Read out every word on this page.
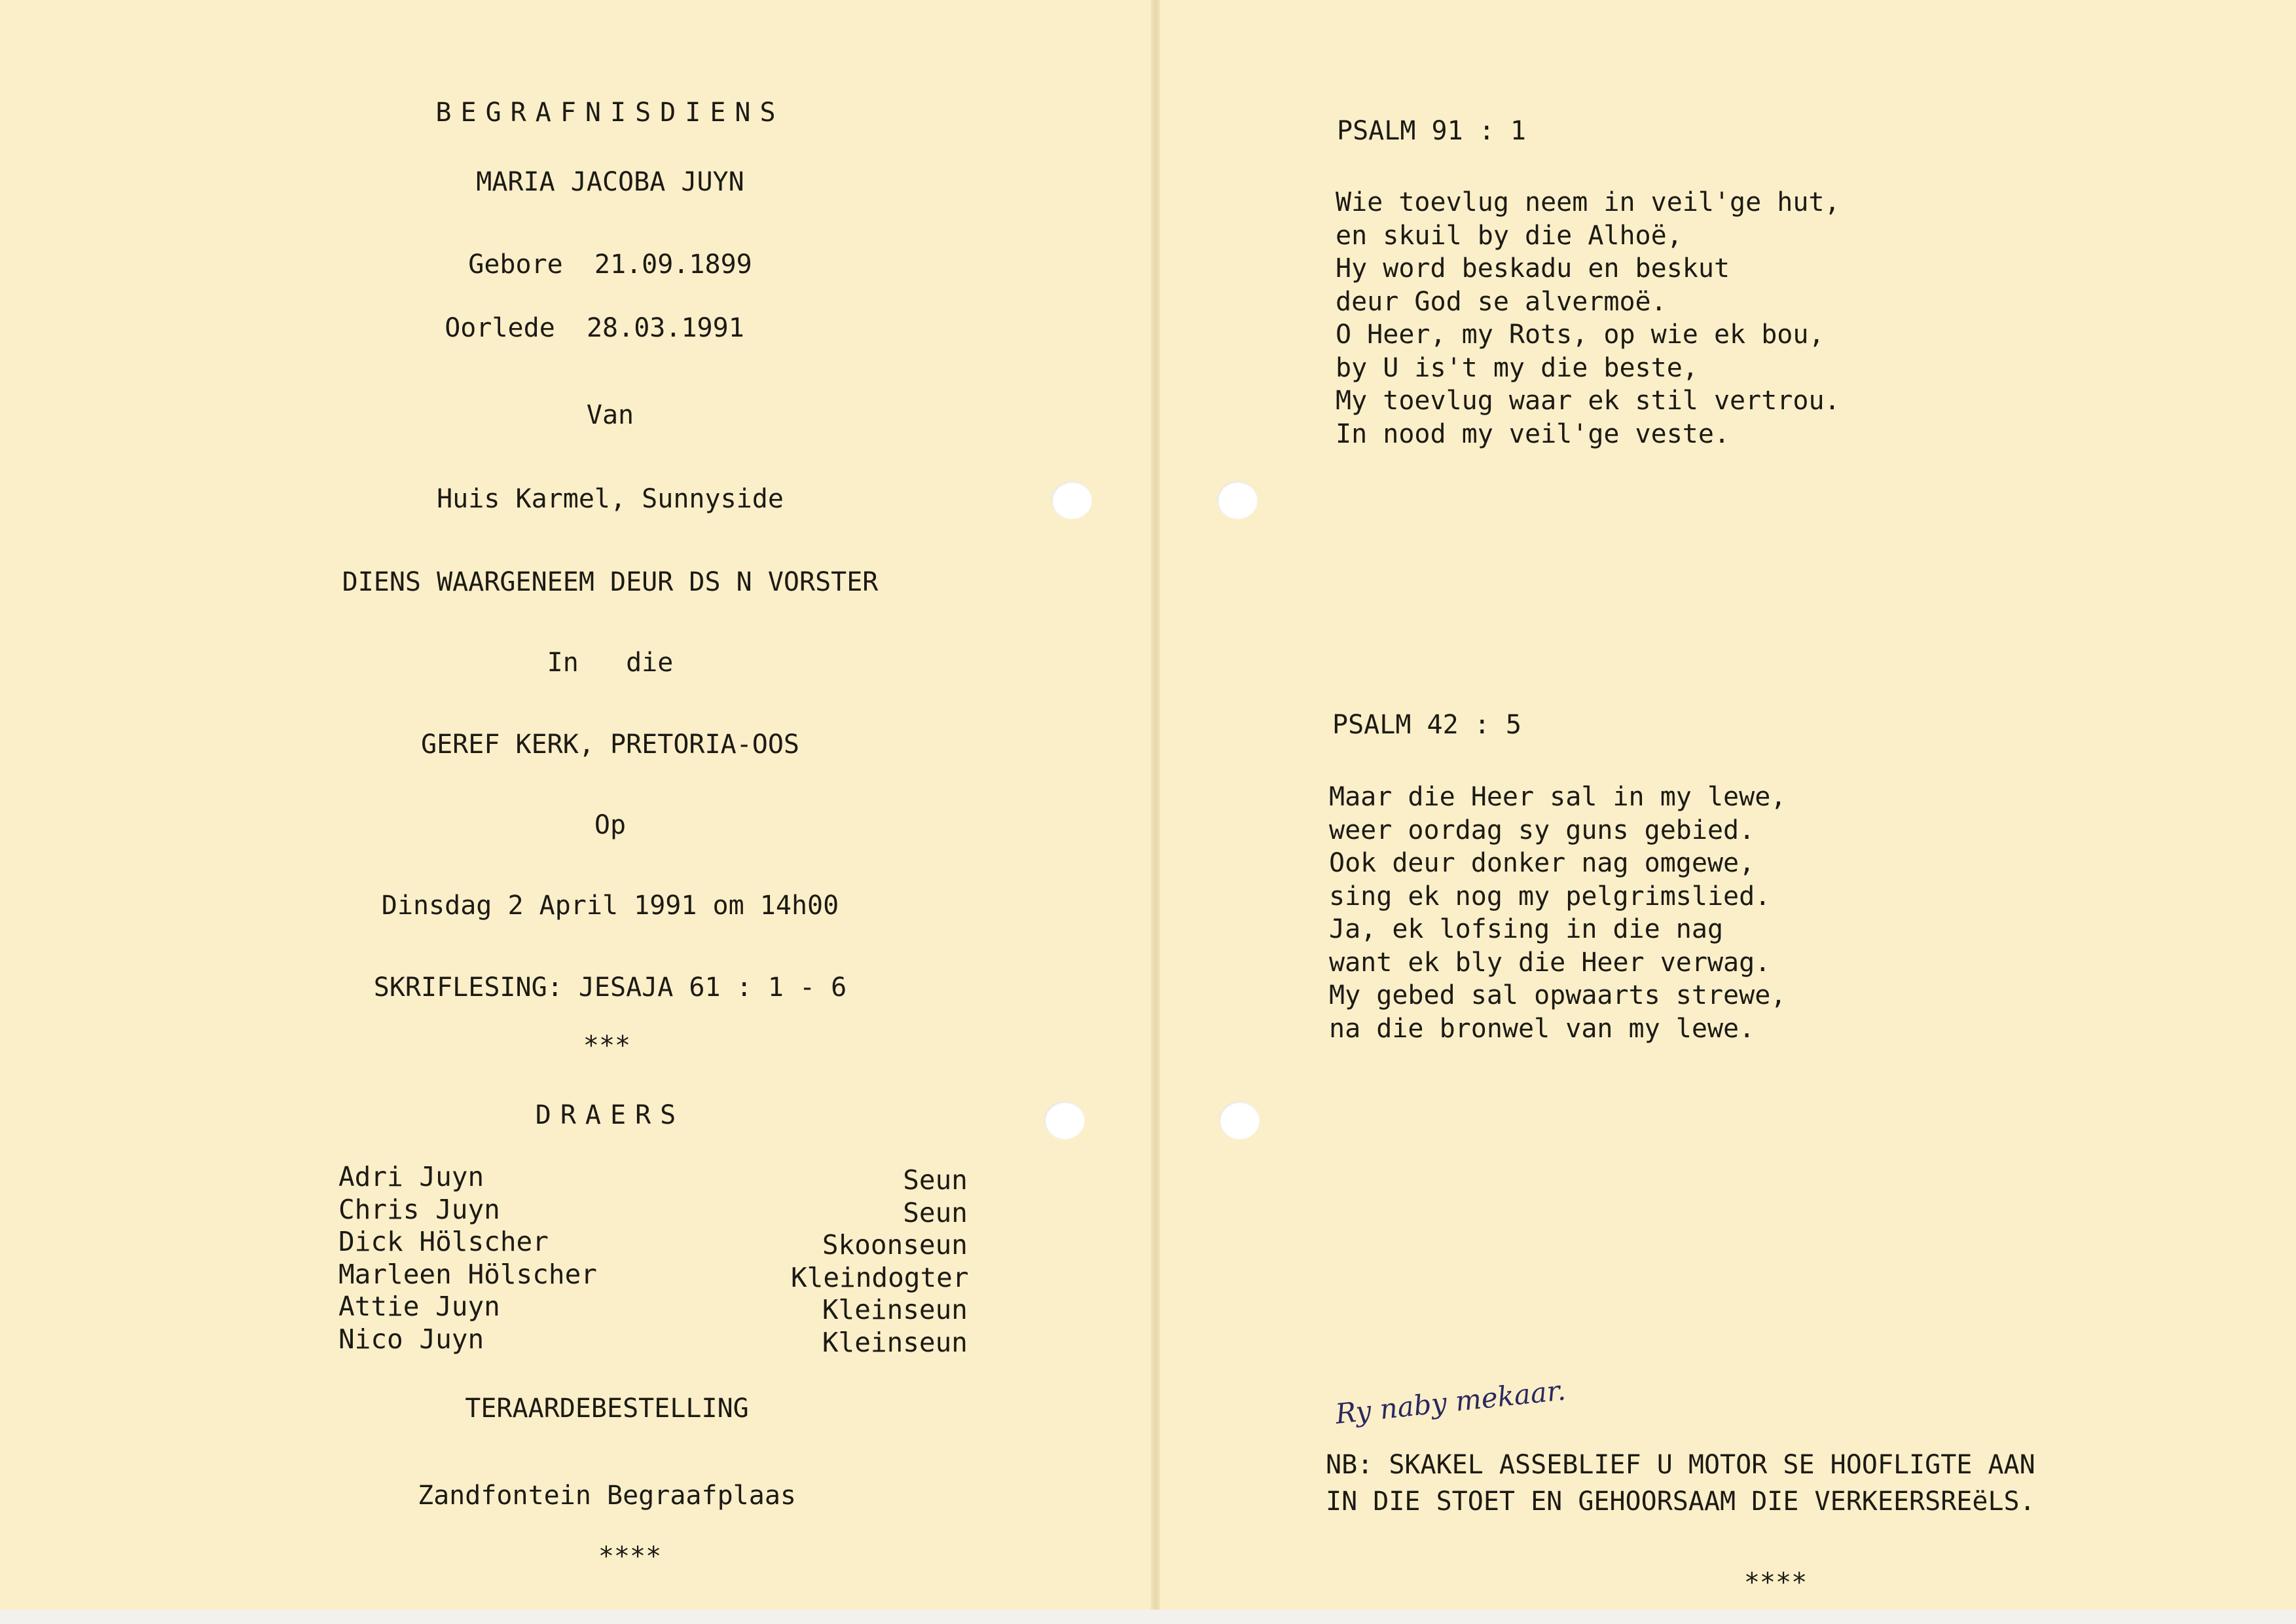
BEGRAFNISDIENS
MARIA JACOBA JUYN
Gebore  21.09.1899
Oorlede  28.03.1991
Van
Huis Karmel, Sunnyside
DIENS WAARGENEEM DEUR DS N VORSTER
In   die
GEREF KERK, PRETORIA-OOS
Op
Dinsdag 2 April 1991 om 14h00
SKRIFLESING: JESAJA 61 : 1 - 6
***
DRAERS
Adri Juyn
Chris Juyn
Dick Hölscher
Marleen Hölscher
Attie Juyn
Nico Juyn
Seun
Seun
Skoonseun
Kleindogter
Kleinseun
Kleinseun
TERAARDEBESTELLING
Zandfontein Begraafplaas
****
PSALM 91 : 1
Wie toevlug neem in veil'ge hut,
en skuil by die Alhoë,
Hy word beskadu en beskut
deur God se alvermoë.
O Heer, my Rots, op wie ek bou,
by U is't my die beste,
My toevlug waar ek stil vertrou.
In nood my veil'ge veste.
PSALM 42 : 5
Maar die Heer sal in my lewe,
weer oordag sy guns gebied.
Ook deur donker nag omgewe,
sing ek nog my pelgrimslied.
Ja, ek lofsing in die nag
want ek bly die Heer verwag.
My gebed sal opwaarts strewe,
na die bronwel van my lewe.
Ry naby mekaar.
NB: SKAKEL ASSEBLIEF U MOTOR SE HOOFLIGTE AAN
IN DIE STOET EN GEHOORSAAM DIE VERKEERSREëLS.
****
